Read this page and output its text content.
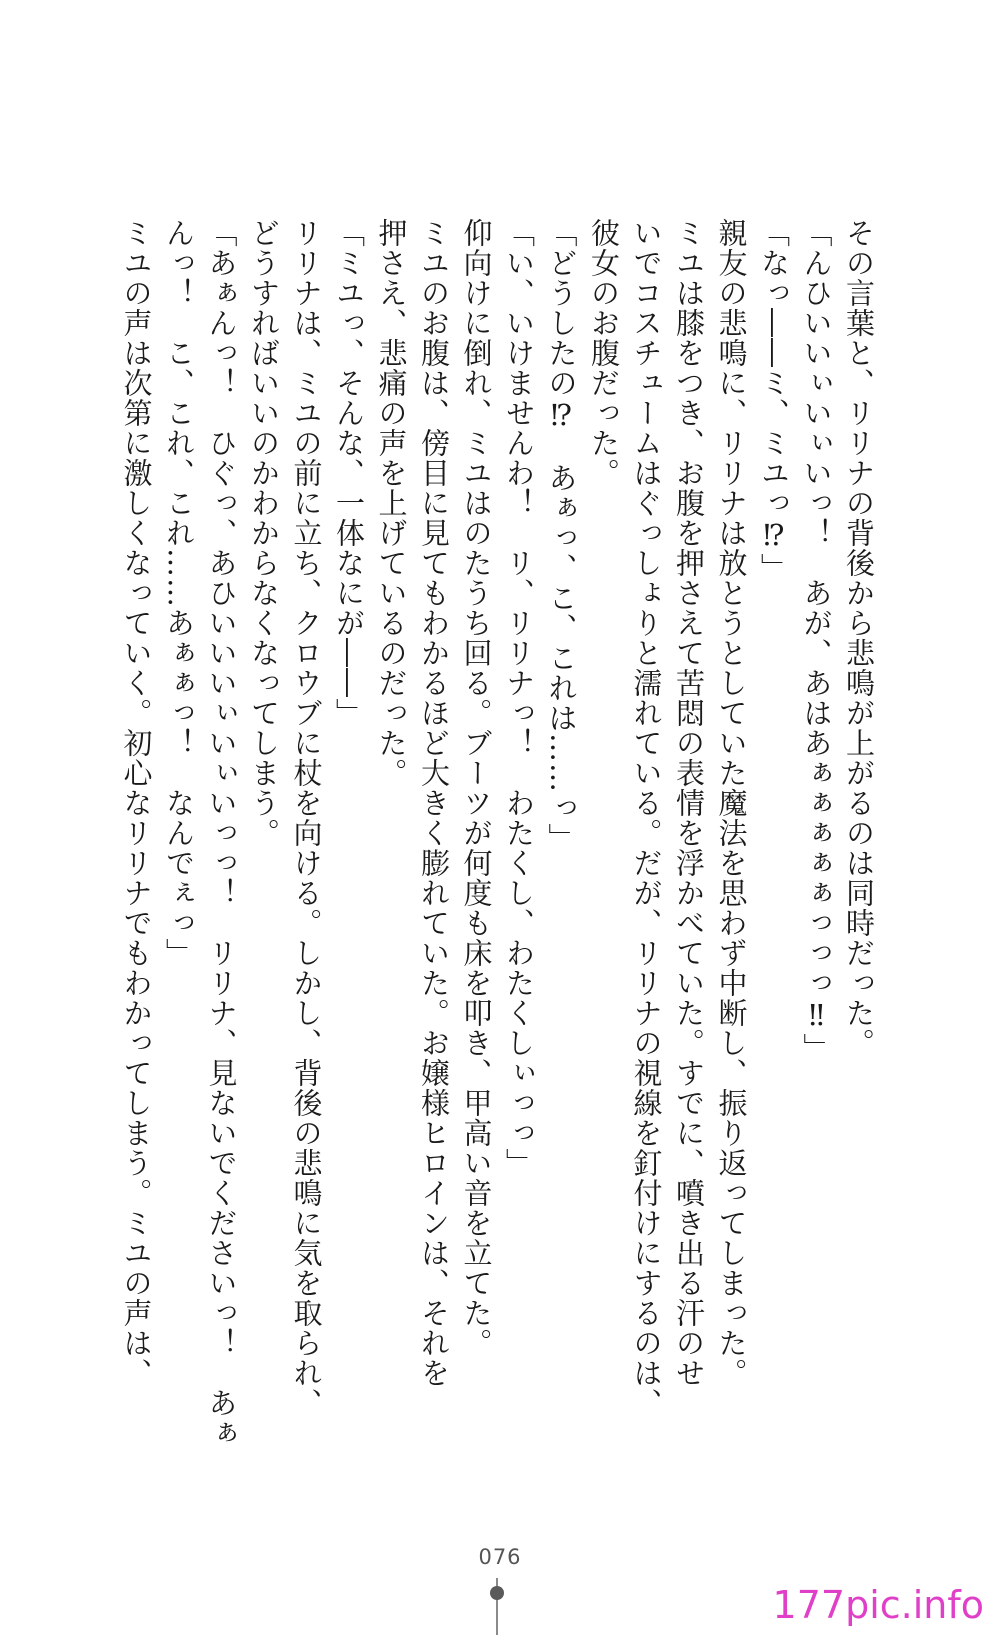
その言葉と、リリナの背後から悲鳴が上がるのは同時だった。
「んひいいぃいぃいっ！　あが、あはあぁぁぁぁぁっっっ‼」
「なっ――ミ、ミユっ⁉」
親友の悲鳴に、リリナは放とうとしていた魔法を思わず中断し、振り返ってしまった。
ミユは膝をつき、お腹を押さえて苦悶の表情を浮かべていた。すでに、噴き出る汗のせ
いでコスチュームはぐっしょりと濡れている。だが、リリナの視線を釘付けにするのは、
彼女のお腹だった。
「どうしたの⁉　あぁっ、こ、これは……っ」
「い、いけませんわ！　リ、リリナっ！　わたくし、わたくしぃっっ」
仰向けに倒れ、ミユはのたうち回る。ブーツが何度も床を叩き、甲高い音を立てた。
ミユのお腹は、傍目に見てもわかるほど大きく膨れていた。お嬢様ヒロインは、それを
押さえ、悲痛の声を上げているのだった。
「ミユっ、そんな、一体なにが――」
リリナは、ミユの前に立ち、クロウブに杖を向ける。しかし、背後の悲鳴に気を取られ、
どうすればいいのかわからなくなってしまう。
「あぁんっ！　ひぐっ、あひいいいぃいぃいっっ！　リリナ、見ないでくださいっ！　あぁ
んっ！　こ、これ、これ……あぁぁっ！　なんでぇっ」
ミユの声は次第に激しくなっていく。初心なリリナでもわかってしまう。ミユの声は、
076
177pic.info
